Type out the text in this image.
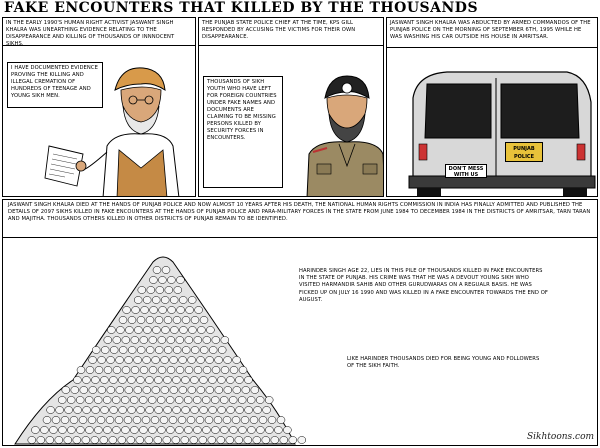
FAKE ENCOUNTERS THAT KILLED BY THE THOUSANDS
IN THE EARLY 1990'S HUMAN RIGHT ACTIVIST JASWANT SINGH KHALRA WAS UNEARTHING EVIDENCE RELATING TO THE DISAPPEARANCE AND KILLING OF THOUSANDS OF INNNOCENT SIKHS.
I HAVE DOCUMENTED EVIDENCE PROVING THE KILLING AND ILLEGAL CREMATION OF HUNDREDS OF TEENAGE AND YOUNG SIKH MEN.
THE PUNJAB STATE POLICE CHIEF AT THE TIME, KPS GILL RESPONDED BY ACCUSING THE VICTIMS FOR THEIR OWN DISAPPEARANCE.
THOUSANDS OF SIKH YOUTH WHO HAVE LEFT FOR FOREIGN COUNTRIES UNDER FAKE NAMES AND DOCUMENTS ARE CLAIMING TO BE MISSING PERSONS KILLED BY SECURITY FORCES IN ENCOUNTERS.
JASWANT SINGH KHALRA WAS ABDUCTED BY ARMED COMMANDOS OF THE PUNJAB POLICE ON THE MORNING OF SEPTEMBER 6TH, 1995 WHILE HE WAS WASHING HIS CAR OUTSIDE HIS HOUSE IN AMRITSAR.
PUNJAB
POLICE
DON'T MESS
WITH US
JASWANT SINGH KHALRA DIED AT THE HANDS OF PUNJAB POLICE AND NOW ALMOST 10 YEARS AFTER HIS DEATH, THE NATIONAL HUMAN RIGHTS COMMISSION IN INDIA HAS FINALLY ADMITTED AND PUBLISHED THE DETAILS OF 2097 SIKHS KILLED IN FAKE ENCOUNTERS AT THE HANDS OF PUNJAB POLICE AND PARA-MILITARY FORCES IN THE STATE FROM JUNE 1984 TO DECEMBER 1984 IN THE DISTRICTS OF AMRITSAR, TARN TARAN AND MAJITHA. THOUSANDS OTHERS KILLED IN OTHER DISTRICTS OF PUNJAB REMAIN TO BE IDENTIFIED.
HARINDER SINGH AGE 22, LIES IN THIS PILE OF THOUSANDS KILLED IN FAKE ENCOUNTERS IN THE STATE OF PUNJAB. HIS CRIME WAS THAT HE WAS A DEVOUT YOUNG SIKH WHO VISITED HARMANDIR SAHIB AND OTHER GURUDWARAS ON A REGUALR BASIS. HE WAS FICKED UP ON JULY 16 1990 AND WAS KILLED IN A FAKE ENCOUNTER TOWARDS THE END OF AUGUST.
LIKE HARINDER THOUSANDS DIED FOR BEING YOUNG AND FOLLOWERS OF THE SIKH FAITH.
Sikhtoons.com
